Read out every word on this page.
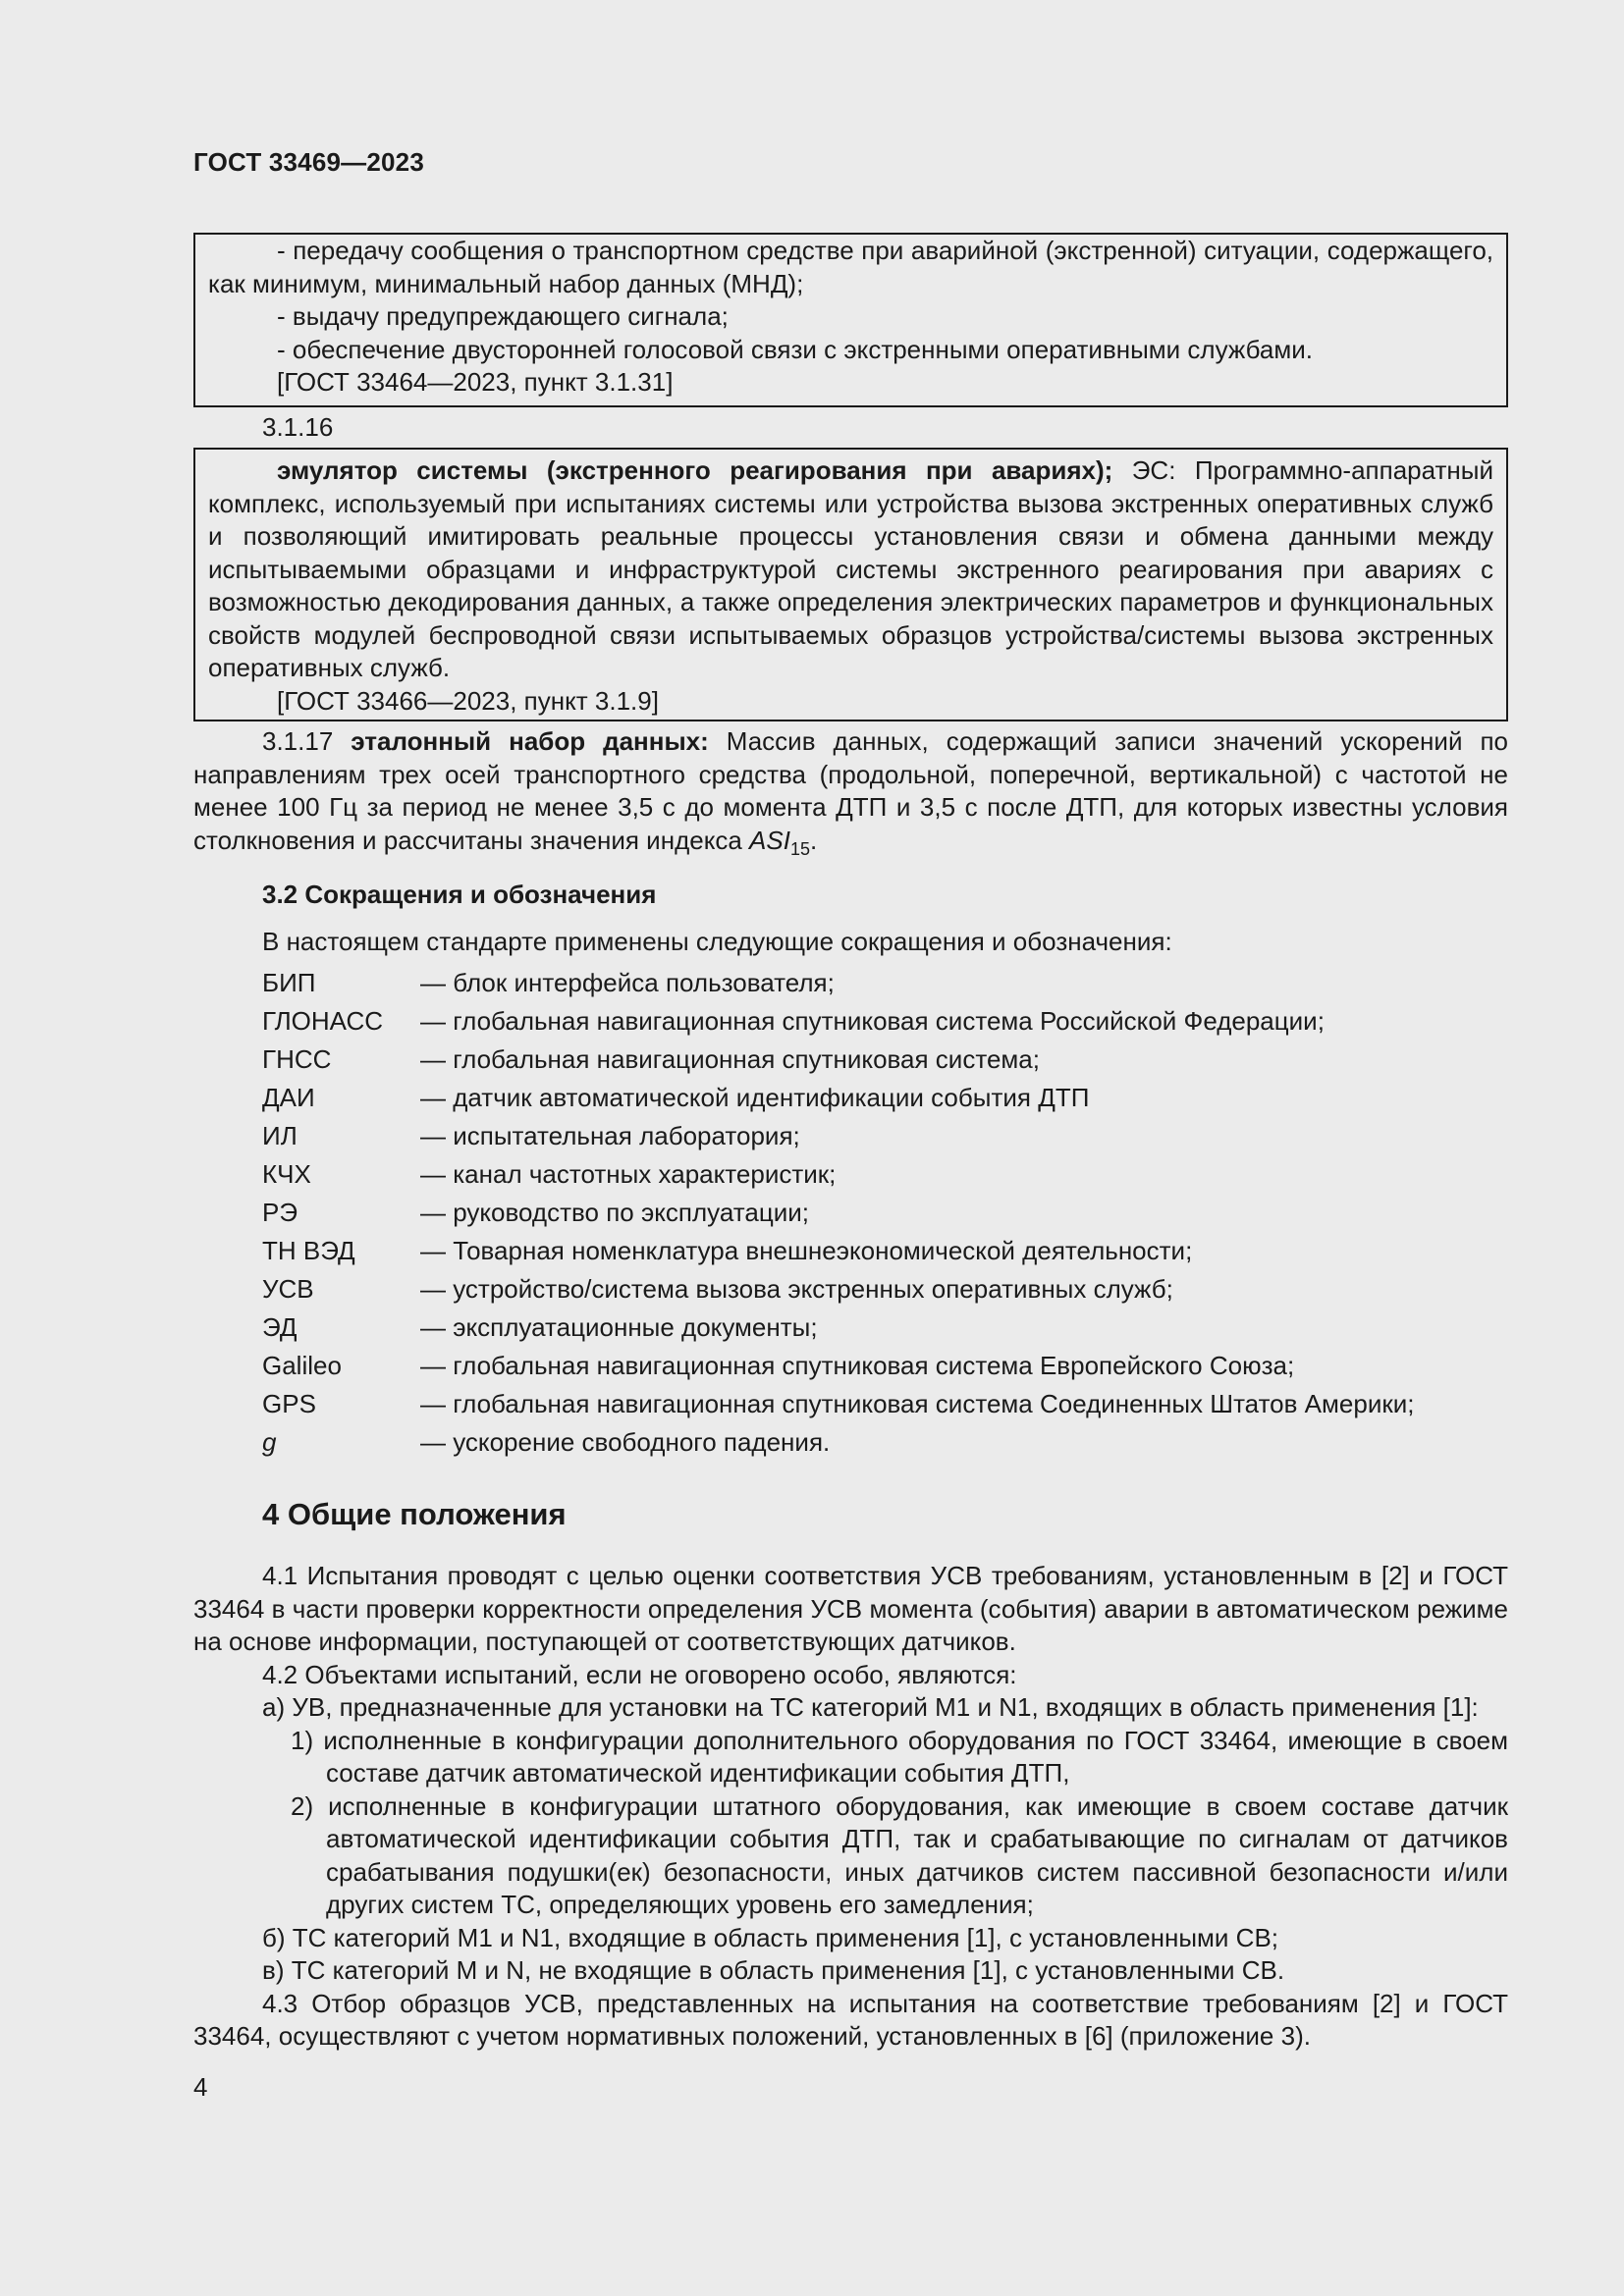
ГОСТ 33469—2023

- передачу сообщения о транспортном средстве при аварийной (экстренной) ситуации, содержащего, как минимум, минимальный набор данных (МНД);

- выдачу предупреждающего сигнала;

- обеспечение двусторонней голосовой связи с экстренными оперативными службами.

[ГОСТ 33464—2023, пункт 3.1.31]

3.1.16

эмулятор системы (экстренного реагирования при авариях); ЭС: Программно-аппаратный комплекс, используемый при испытаниях системы или устройства вызова экстренных оперативных служб и позволяющий имитировать реальные процессы установления связи и обмена данными между испытываемыми образцами и инфраструктурой системы экстренного реагирования при авариях с возможностью декодирования данных, а также определения электрических параметров и функциональных свойств модулей беспроводной связи испытываемых образцов устройства/системы вызова экстренных оперативных служб.

[ГОСТ 33466—2023, пункт 3.1.9]

3.1.17 эталонный набор данных: Массив данных, содержащий записи значений ускорений по направлениям трех осей транспортного средства (продольной, поперечной, вертикальной) с частотой не менее 100 Гц за период не менее 3,5 с до момента ДТП и 3,5 с после ДТП, для которых известны условия столкновения и рассчитаны значения индекса $ASI_{15}$.

3.2 Сокращения и обозначения

В настоящем стандарте применены следующие сокращения и обозначения:

БИП	— блок интерфейса пользователя;
ГЛОНАСС	— глобальная навигационная спутниковая система Российской Федерации;
ГНСС	— глобальная навигационная спутниковая система;
ДАИ	— датчик автоматической идентификации события ДТП
ИЛ	— испытательная лаборатория;
КЧХ	— канал частотных характеристик;
РЭ	— руководство по эксплуатации;
ТН ВЭД	— Товарная номенклатура внешнеэкономической деятельности;
УСВ	— устройство/система вызова экстренных оперативных служб;
ЭД	— эксплуатационные документы;
Galileo	— глобальная навигационная спутниковая система Европейского Союза;
GPS	— глобальная навигационная спутниковая система Соединенных Штатов Америки;
g	— ускорение свободного падения.
4 Общие положения

4.1 Испытания проводят с целью оценки соответствия УСВ требованиям, установленным в [2] и ГОСТ 33464 в части проверки корректности определения УСВ момента (события) аварии в автоматическом режиме на основе информации, поступающей от соответствующих датчиков.

4.2 Объектами испытаний, если не оговорено особо, являются:

а) УВ, предназначенные для установки на ТС категорий M1 и N1, входящих в область применения [1]:

1) исполненные в конфигурации дополнительного оборудования по ГОСТ 33464, имеющие в своем составе датчик автоматической идентификации события ДТП,

2) исполненные в конфигурации штатного оборудования, как имеющие в своем составе датчик автоматической идентификации события ДТП, так и срабатывающие по сигналам от датчиков срабатывания подушки(ек) безопасности, иных датчиков систем пассивной безопасности и/или других систем ТС, определяющих уровень его замедления;

б) ТС категорий M1 и N1, входящие в область применения [1], с установленными СВ;

в) ТС категорий M и N, не входящие в область применения [1], с установленными СВ.

4.3 Отбор образцов УСВ, представленных на испытания на соответствие требованиям [2] и ГОСТ 33464, осуществляют с учетом нормативных положений, установленных в [6] (приложение 3).

4
